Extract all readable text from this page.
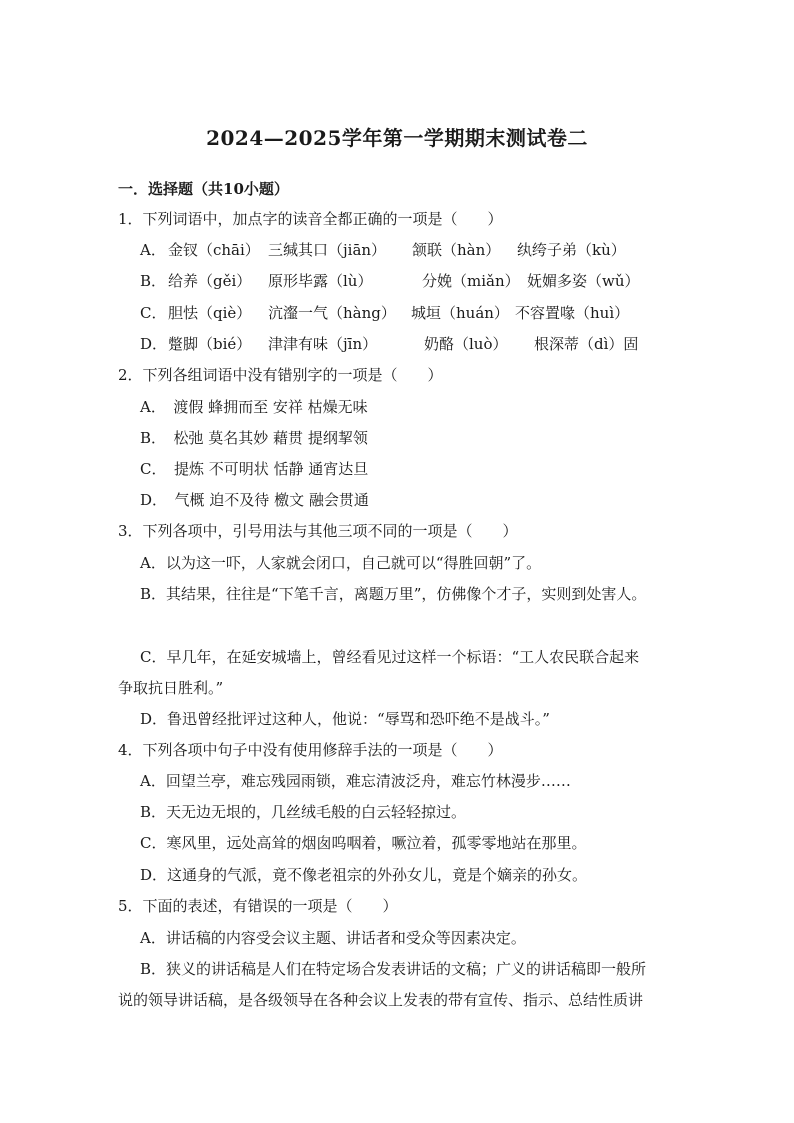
2024—2025学年第一学期期末测试卷二
一．选择题（共10小题）
1．下列词语中，加点字的读音全都正确的一项是（　　）
A． 金钗（chāi） 三缄其口（jiān） 颔联（hàn） 纨绔子弟（kù）
B． 给养（gěi） 原形毕露（lù）	分娩（miǎn） 妩媚多姿（wǔ）
C． 胆怯（qiè） 沆瀣一气（hàng） 城垣（huán） 不容置喙（huì）
D． 蹩脚（bié） 津津有味（jīn）	奶酪（luò） 根深蒂（dì）固
2．下列各组词语中没有错别字的一项是（　　）
A．　渡假 蜂拥而至 安祥 枯燥无味
B．　松弛 莫名其妙 藉贯 提纲挈领
C．　提炼 不可明状 恬静 通宵达旦
D．　气概 迫不及待 檄文 融会贯通
3．下列各项中，引号用法与其他三项不同的一项是（　　）
A．以为这一吓，人家就会闭口，自己就可以“得胜回朝”了。
B．其结果，往往是“下笔千言，离题万里”，仿佛像个才子，实则到处害人。
C．早几年，在延安城墙上，曾经看见过这样一个标语：“工人农民联合起来
争取抗日胜利。”
D．鲁迅曾经批评过这种人，他说：“辱骂和恐吓绝不是战斗。”
4．下列各项中句子中没有使用修辞手法的一项是（　　）
A．回望兰亭，难忘残园雨锁，难忘清波泛舟，难忘竹林漫步……
B．天无边无垠的，几丝绒毛般的白云轻轻掠过。
C．寒风里，远处高耸的烟囱呜咽着，噘泣着，孤零零地站在那里。
D．这通身的气派，竟不像老祖宗的外孙女儿，竟是个嫡亲的孙女。
5．下面的表述，有错误的一项是（　　）
A．讲话稿的内容受会议主题、讲话者和受众等因素决定。
B．狭义的讲话稿是人们在特定场合发表讲话的文稿；广义的讲话稿即一般所
说的领导讲话稿，是各级领导在各种会议上发表的带有宣传、指示、总结性质讲
